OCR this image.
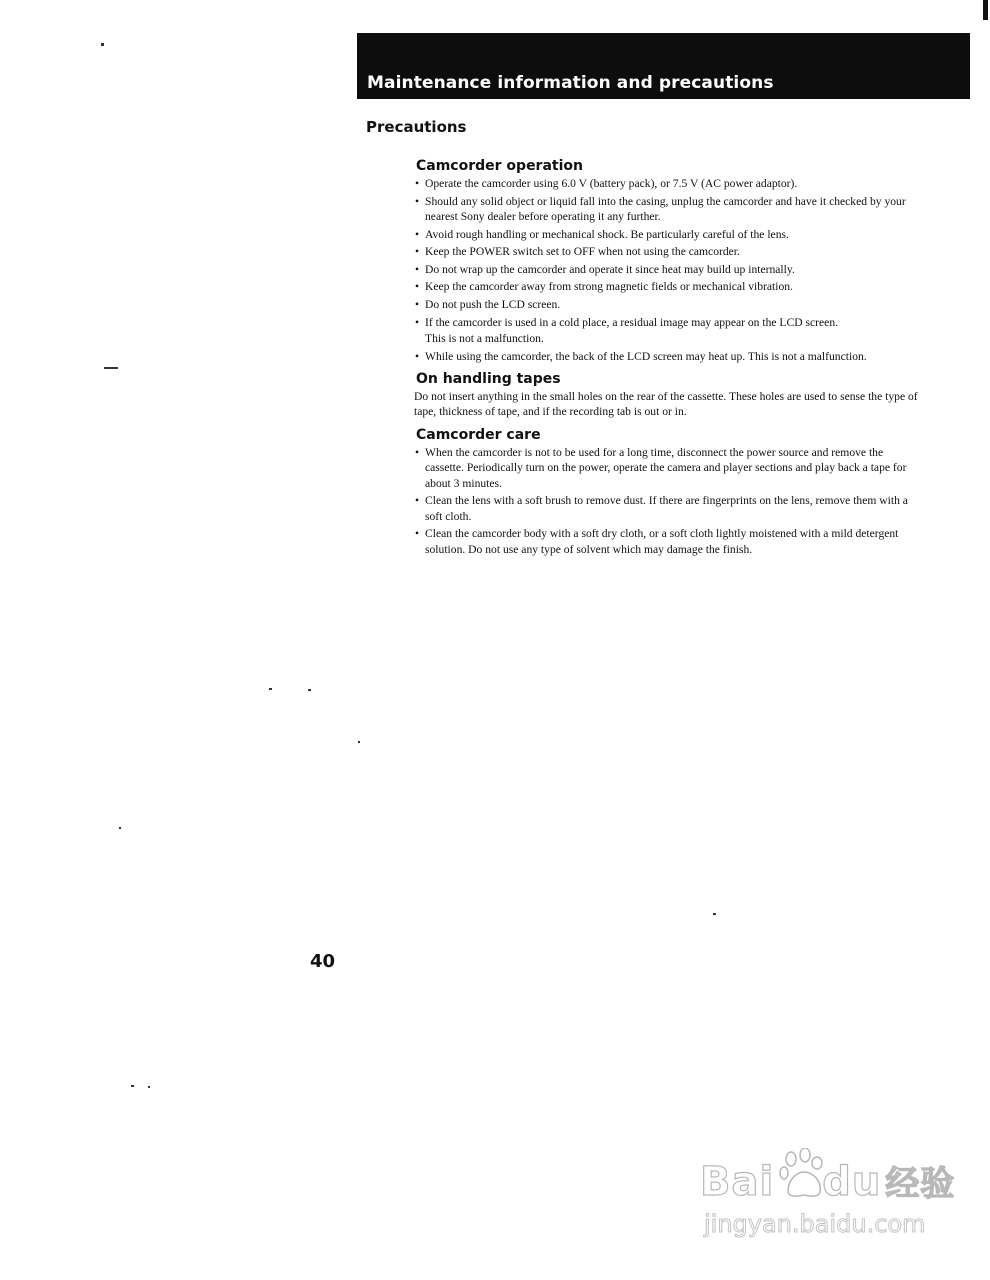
Maintenance information and precautions
Precautions
Camcorder operation
• Operate the camcorder using 6.0 V (battery pack), or 7.5 V (AC power adaptor).
• Should any solid object or liquid fall into the casing, unplug the camcorder and have it checked by your nearest Sony dealer before operating it any further.
• Avoid rough handling or mechanical shock. Be particularly careful of the lens.
• Keep the POWER switch set to OFF when not using the camcorder.
• Do not wrap up the camcorder and operate it since heat may build up internally.
• Keep the camcorder away from strong magnetic fields or mechanical vibration.
• Do not push the LCD screen.
• If the camcorder is used in a cold place, a residual image may appear on the LCD screen.
This is not a malfunction.
• While using the camcorder, the back of the LCD screen may heat up. This is not a malfunction.
On handling tapes
Do not insert anything in the small holes on the rear of the cassette. These holes are used to sense the type of tape, thickness of tape, and if the recording tab is out or in.
Camcorder care
• When the camcorder is not to be used for a long time, disconnect the power source and remove the cassette. Periodically turn on the power, operate the camera and player sections and play back a tape for about 3 minutes.
• Clean the lens with a soft brush to remove dust. If there are fingerprints on the lens, remove them with a soft cloth.
• Clean the camcorder body with a soft dry cloth, or a soft cloth lightly moistened with a mild detergent solution. Do not use any type of solvent which may damage the finish.
40
Bai du 经验
jingyan.baidu.com
